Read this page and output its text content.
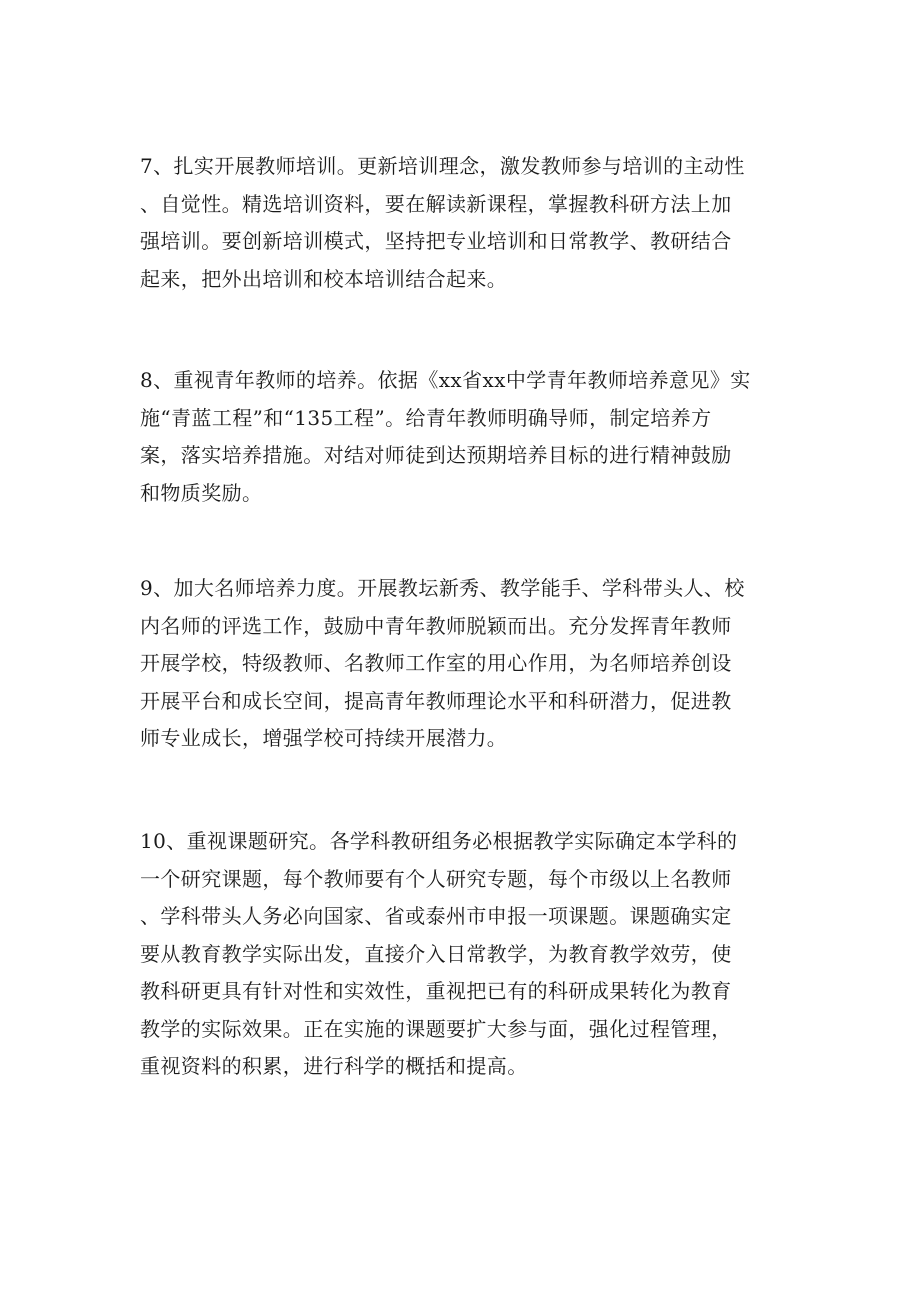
7、扎实开展教师培训。更新培训理念，激发教师参与培训的主动性
、自觉性。精选培训资料，要在解读新课程，掌握教科研方法上加
强培训。要创新培训模式，坚持把专业培训和日常教学、教研结合
起来，把外出培训和校本培训结合起来。

8、重视青年教师的培养。依据《xx省xx中学青年教师培养意见》实
施“青蓝工程”和“135工程”。给青年教师明确导师，制定培养方
案，落实培养措施。对结对师徒到达预期培养目标的进行精神鼓励
和物质奖励。

9、加大名师培养力度。开展教坛新秀、教学能手、学科带头人、校
内名师的评选工作，鼓励中青年教师脱颖而出。充分发挥青年教师
开展学校，特级教师、名教师工作室的用心作用，为名师培养创设
开展平台和成长空间，提高青年教师理论水平和科研潜力，促进教
师专业成长，增强学校可持续开展潜力。

10、重视课题研究。各学科教研组务必根据教学实际确定本学科的
一个研究课题，每个教师要有个人研究专题，每个市级以上名教师
、学科带头人务必向国家、省或泰州市申报一项课题。课题确实定
要从教育教学实际出发，直接介入日常教学，为教育教学效劳，使
教科研更具有针对性和实效性，重视把已有的科研成果转化为教育
教学的实际效果。正在实施的课题要扩大参与面，强化过程管理，
重视资料的积累，进行科学的概括和提高。
